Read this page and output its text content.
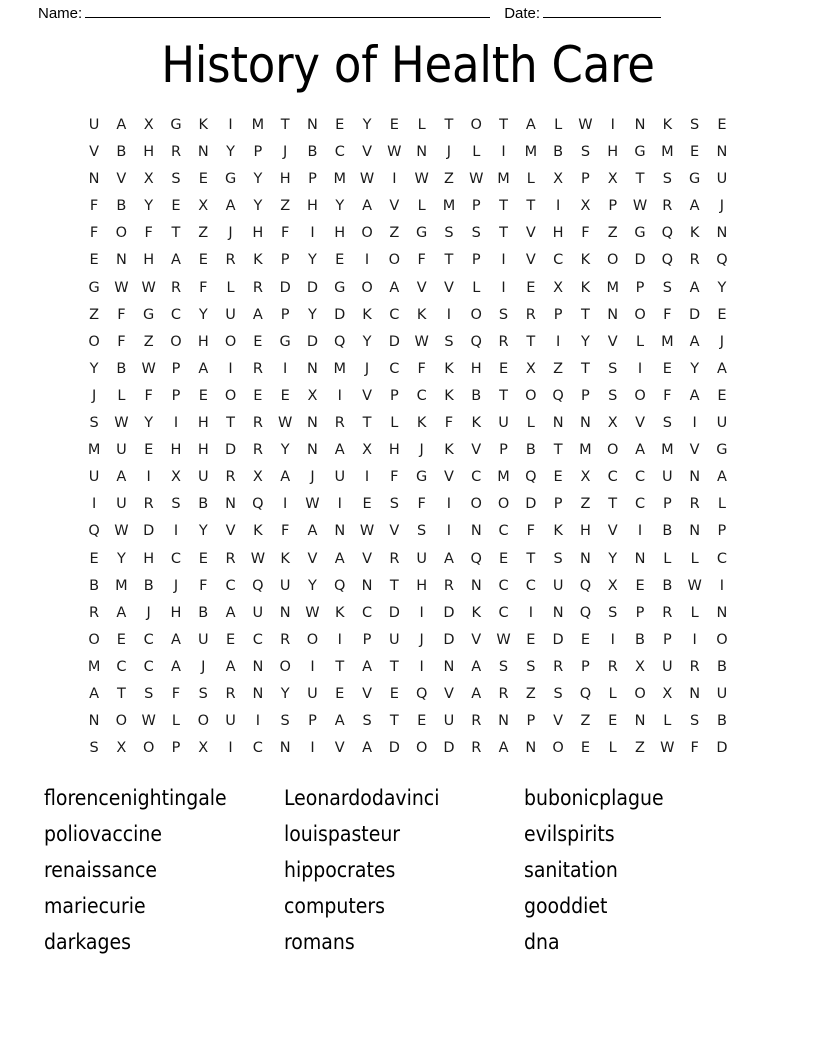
Name:	Date:
History of Health Care
U	A	X	G	K	I	M	T	N	E	Y	E	L	T	O	T	A	L	W	I	N	K	S	E
V	B	H	R	N	Y	P	J	B	C	V	W	N	J	L	I	M	B	S	H	G	M	E	N
N	V	X	S	E	G	Y	H	P	M	W	I	W	Z	W	M	L	X	P	X	T	S	G	U
F	B	Y	E	X	A	Y	Z	H	Y	A	V	L	M	P	T	T	I	X	P	W	R	A	J
F	O	F	T	Z	J	H	F	I	H	O	Z	G	S	S	T	V	H	F	Z	G	Q	K	N
E	N	H	A	E	R	K	P	Y	E	I	O	F	T	P	I	V	C	K	O	D	Q	R	Q
G	W	W	R	F	L	R	D	D	G	O	A	V	V	L	I	E	X	K	M	P	S	A	Y
Z	F	G	C	Y	U	A	P	Y	D	K	C	K	I	O	S	R	P	T	N	O	F	D	E
O	F	Z	O	H	O	E	G	D	Q	Y	D	W	S	Q	R	T	I	Y	V	L	M	A	J
Y	B	W	P	A	I	R	I	N	M	J	C	F	K	H	E	X	Z	T	S	I	E	Y	A
J	L	F	P	E	O	E	E	X	I	V	P	C	K	B	T	O	Q	P	S	O	F	A	E
S	W	Y	I	H	T	R	W	N	R	T	L	K	F	K	U	L	N	N	X	V	S	I	U
M	U	E	H	H	D	R	Y	N	A	X	H	J	K	V	P	B	T	M	O	A	M	V	G
U	A	I	X	U	R	X	A	J	U	I	F	G	V	C	M	Q	E	X	C	C	U	N	A
I	U	R	S	B	N	Q	I	W	I	E	S	F	I	O	O	D	P	Z	T	C	P	R	L
Q	W	D	I	Y	V	K	F	A	N	W	V	S	I	N	C	F	K	H	V	I	B	N	P
E	Y	H	C	E	R	W	K	V	A	V	R	U	A	Q	E	T	S	N	Y	N	L	L	C
B	M	B	J	F	C	Q	U	Y	Q	N	T	H	R	N	C	C	U	Q	X	E	B	W	I
R	A	J	H	B	A	U	N	W	K	C	D	I	D	K	C	I	N	Q	S	P	R	L	N
O	E	C	A	U	E	C	R	O	I	P	U	J	D	V	W	E	D	E	I	B	P	I	O
M	C	C	A	J	A	N	O	I	T	A	T	I	N	A	S	S	R	P	R	X	U	R	B
A	T	S	F	S	R	N	Y	U	E	V	E	Q	V	A	R	Z	S	Q	L	O	X	N	U
N	O	W	L	O	U	I	S	P	A	S	T	E	U	R	N	P	V	Z	E	N	L	S	B
S	X	O	P	X	I	C	N	I	V	A	D	O	D	R	A	N	O	E	L	Z	W	F	D
florencenightingale	Leonardodavinci	bubonicplague
poliovaccine	louispasteur	evilspirits
renaissance	hippocrates	sanitation
mariecurie	computers	gooddiet
darkages	romans	dna
